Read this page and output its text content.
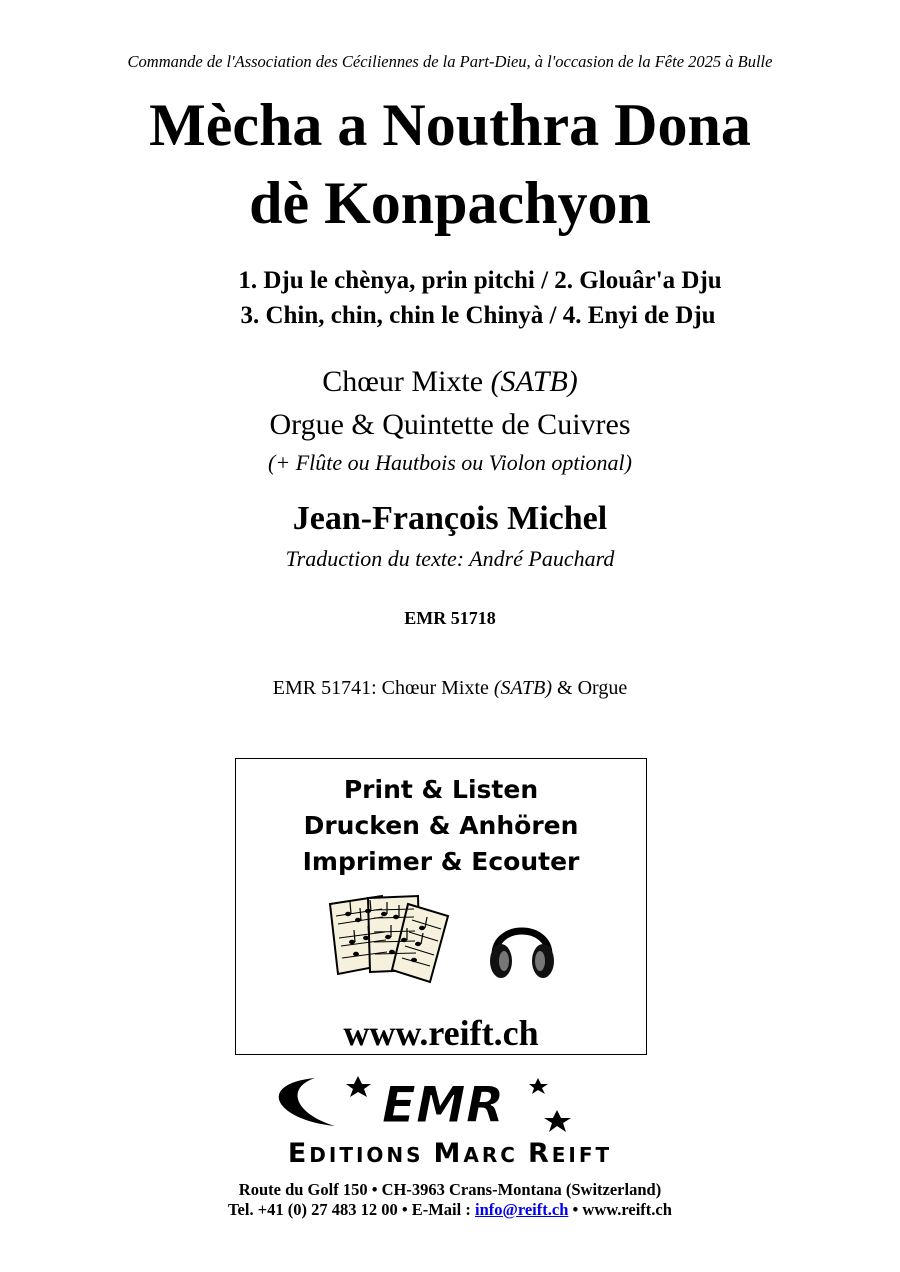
Commande de l'Association des Céciliennes de la Part-Dieu, à l'occasion de la Fête 2025 à Bulle
Mècha a Nouthra Dona
dè Konpachyon
1. Dju le chènya, prin pitchi / 2. Glouâr'a Dju
3. Chin, chin, chin le Chinyà / 4. Enyi de Dju
Chœur Mixte (SATB)
Orgue & Quintette de Cuivres
(+ Flûte ou Hautbois ou Violon optional)
Jean-François Michel
Traduction du texte: André Pauchard
EMR 51718
EMR 51741: Chœur Mixte (SATB) & Orgue
Print & Listen
Drucken & Anhören
Imprimer & Ecouter
www.reift.ch
EMR
EDITIONS MARC REIFT
Route du Golf 150 • CH-3963 Crans-Montana (Switzerland)
Tel. +41 (0) 27 483 12 00 • E-Mail : info@reift.ch • www.reift.ch
